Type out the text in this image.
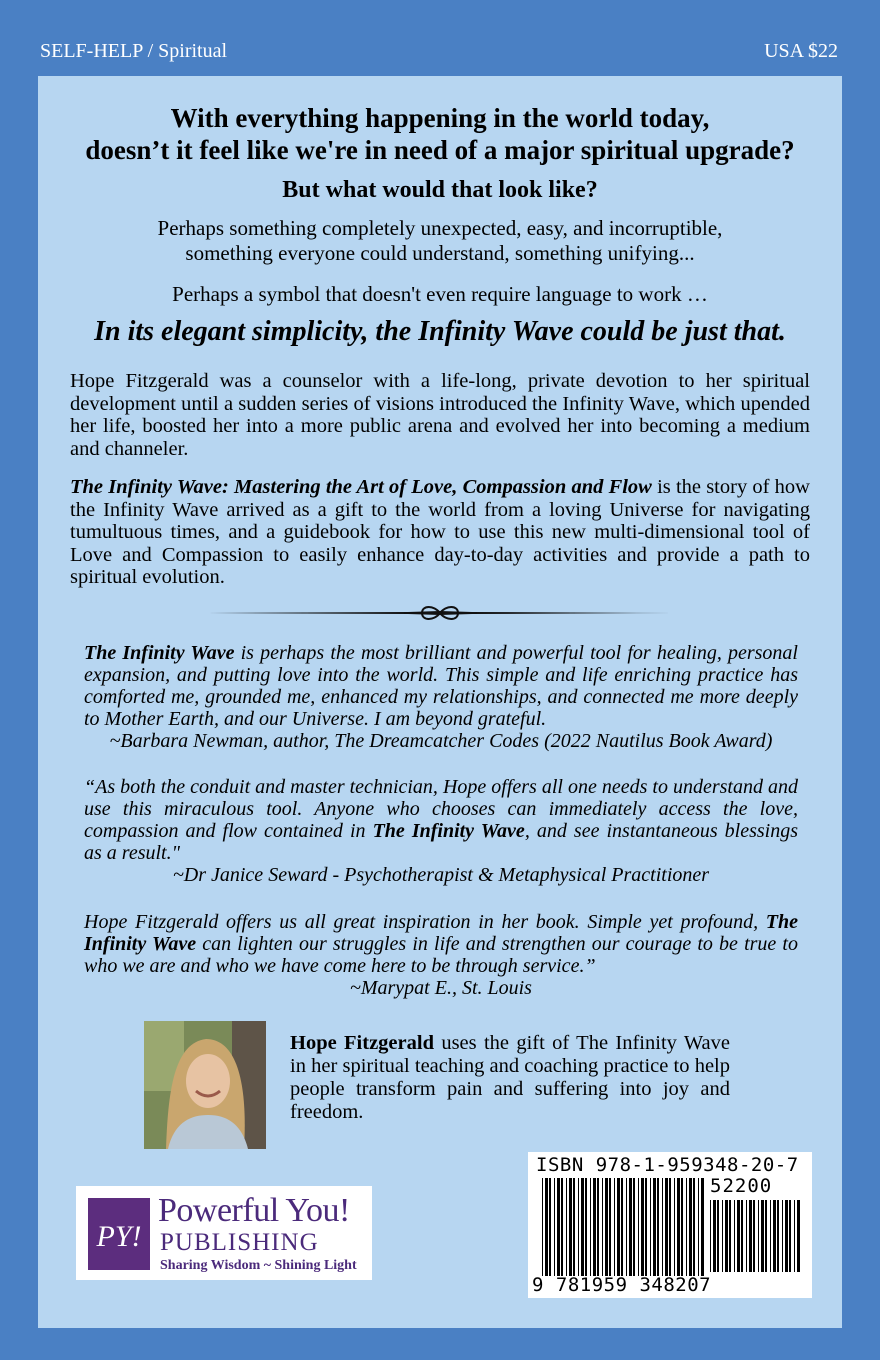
SELF-HELP / Spiritual	USA $22
With everything happening in the world today,
doesn’t it feel like we're in need of a major spiritual upgrade?
But what would that look like?
Perhaps something completely unexpected, easy, and incorruptible,
something everyone could understand, something unifying...
Perhaps a symbol that doesn't even require language to work …
In its elegant simplicity, the Infinity Wave could be just that.
Hope Fitzgerald was a counselor with a life-long, private devotion to her spiritual development until a sudden series of visions introduced the Infinity Wave, which upended her life, boosted her into a more public arena and evolved her into becoming a medium and channeler.
The Infinity Wave: Mastering the Art of Love, Compassion and Flow is the story of how the Infinity Wave arrived as a gift to the world from a loving Universe for navigating tumultuous times, and a guidebook for how to use this new multi-dimensional tool of Love and Compassion to easily enhance day-to-day activities and provide a path to spiritual evolution.
The Infinity Wave is perhaps the most brilliant and powerful tool for healing, personal expansion, and putting love into the world. This simple and life enriching practice has comforted me, grounded me, enhanced my relationships, and connected me more deeply to Mother Earth, and our Universe. I am beyond grateful.
~Barbara Newman, author, The Dreamcatcher Codes (2022 Nautilus Book Award)
“As both the conduit and master technician, Hope offers all one needs to understand and use this miraculous tool. Anyone who chooses can immediately access the love, compassion and flow contained in The Infinity Wave, and see instantaneous blessings as a result."
~Dr Janice Seward - Psychotherapist & Metaphysical Practitioner
Hope Fitzgerald offers us all great inspiration in her book. Simple yet profound, The Infinity Wave can lighten our struggles in life and strengthen our courage to be true to who we are and who we have come here to be through service.”
~Marypat E., St. Louis
Hope Fitzgerald uses the gift of The Infinity Wave in her spiritual teaching and coaching practice to help people transform pain and suffering into joy and freedom.
PY!
Powerful You!
PUBLISHING
Sharing Wisdom ~ Shining Light
ISBN 978-1-959348-20-7
52200
9 781959 348207
